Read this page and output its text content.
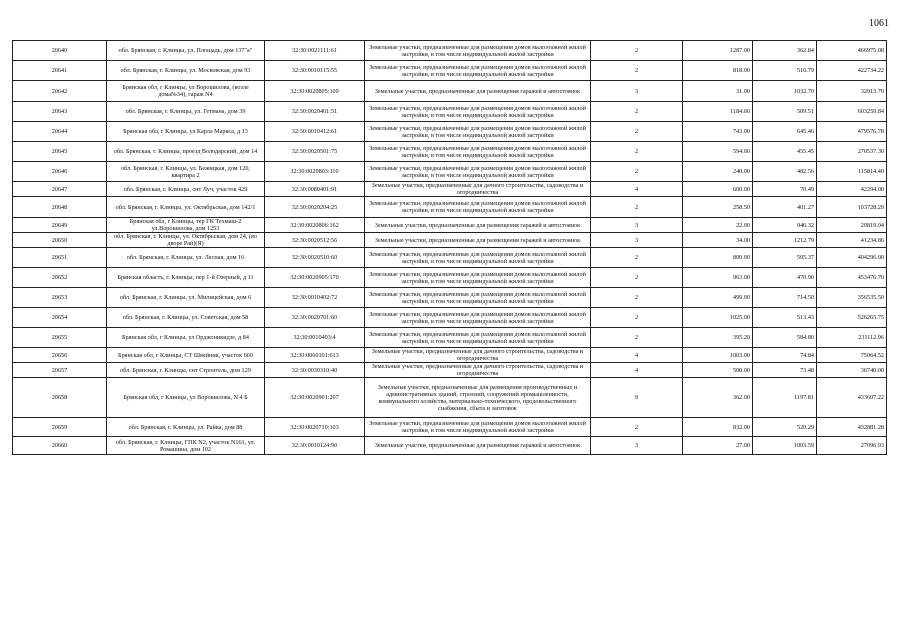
1061
20640	обл. Брянская, г. Клинцы, ул. Площадь, дом 137"а"	32:30:0021111:61	Земельные участки, предназначенные для размещения домов малоэтажной жилой застройки, в том числе индивидуальной жилой застройки	2	1287.00	362.84	466975.08
20641	обл. Брянская, г. Клинцы, ул. Московская, дом 93	32:30:0010115:55	Земельные участки, предназначенные для размещения домов малоэтажной жилой застройки, в том числе индивидуальной жилой застройки	2	818.00	516.79	422734.22
20642	Брянская обл, г Клинцы, ул Ворошилова, (возле дома№34), гараж N4	32:30:0020805:109	Земельные участки, предназначенные для размещения гаражей и автостоянок	3	31.00	1032.70	32013.70
20643	обл. Брянская, г. Клинцы, ул. Гетмана, дом 39	32:30:0020401:51	Земельные участки, предназначенные для размещения домов малоэтажной жилой застройки, в том числе индивидуальной жилой застройки	2	1184.00	509.51	603259.84
20644	Брянская обл, г Клинцы, ул Карла Маркса, д 13	32:30:0010412:61	Земельные участки, предназначенные для размещения домов малоэтажной жилой застройки, в том числе индивидуальной жилой застройки	2	743.00	645.46	479576.78
20645	обл. Брянская, г. Клинцы, проезд Володарский, дом 14	32:30:0020501:75	Земельные участки, предназначенные для размещения домов малоэтажной жилой застройки, в том числе индивидуальной жилой застройки	2	594.00	455.45	270537.30
20646	обл. Брянская, г. Клинцы, ул. Бежицкая, дом 120, квартира 2	32:30:0020803:110	Земельные участки, предназначенные для размещения домов малоэтажной жилой застройки, в том числе индивидуальной жилой застройки	2	240.00	482.56	115814.40
20647	обл. Брянская, г. Клинцы, снт Луч, участок 429	32:30:0080401:91	Земельные участки, предназначенные для дачного строительства, садоводства и огородничества	4	600.00	70.49	42294.00
20648	обл. Брянская, г. Клинцы, ул. Октябрьская, дом 142/1	32:30:0020204:25	Земельные участки, предназначенные для размещения домов малоэтажной жилой застройки, в том числе индивидуальной жилой застройки	2	258.50	401.27	103728.29
20649	Брянская обл, г Клинцы, тер ГК Техмаш-2 ул.Ворошилова, дом 1253	32:30:0020806:162	Земельные участки, предназначенные для размещения гаражей и автостоянок	3	22.00	946.32	20819.04
20650	обл. Брянская, г. Клинцы, ул. Октябрьская, дом 24, (во дворе Рай)(Я)	32:30:0020512:56	Земельные участки, предназначенные для размещения гаражей и автостоянок	3	34.00	1212.79	41234.86
20651	обл. Брянская, г. Клинцы, ул. Лесная, дом 16	32:30:0020510:60	Земельные участки, предназначенные для размещения домов малоэтажной жилой застройки, в том числе индивидуальной жилой застройки	2	800.00	505.37	404296.00
20652	Брянская область, г. Клинцы, пер 1-й Озерный, д 11	32:30:0020905:170	Земельные участки, предназначенные для размещения домов малоэтажной жилой застройки, в том числе индивидуальной жилой застройки	2	963.00	470.90	453476.70
20653	обл. Брянская, г. Клинцы, ул. Милицейская, дом 6	32:30:0010402:72	Земельные участки, предназначенные для размещения домов малоэтажной жилой застройки, в том числе индивидуальной жилой застройки	2	499.00	714.50	356535.50
20654	обл. Брянская, г. Клинцы, ул. Советская, дом 58	32:30:0020701:60	Земельные участки, предназначенные для размещения домов малоэтажной жилой застройки, в том числе индивидуальной жилой застройки	2	1025.00	513.43	526265.75
20655	Брянская обл, г Клинцы, ул Орджоникидзе, д 84	32:30:0010403:4	Земельные участки, предназначенные для размещения домов малоэтажной жилой застройки, в том числе индивидуальной жилой застройки	2	395.20	584.80	231112.96
20656	Брянская обл, г Клинцы, СТ Швейник, участок 660	32:30:0060101:613	Земельные участки, предназначенные для дачного строительства, садоводства и огородничества	4	1003.00	74.84	75064.52
20657	обл. Брянская, г. Клинцы, снт Строитель, дом 129	32:30:0030310:40	Земельные участки, предназначенные для дачного строительства, садоводства и огородничества	4	500.00	73.48	36740.00
20658	Брянская обл, г Клинцы, ул Ворошилова, N 4 Б	32:30:0020901:207	Земельные участки, предназначенные для размещения производственных и административных зданий, строений, сооружений промышленности, коммунального хозяйства, материально-технического, продовольственного снабжения, сбыта и заготовок	9	362.00	1197.81	433607.22
20659	обл. Брянская, г. Клинцы, ул. Райка, дом 88	32:30:0020710:103	Земельные участки, предназначенные для размещения домов малоэтажной жилой застройки, в том числе индивидуальной жилой застройки	2	832.00	520.29	432881.28
20660	обл. Брянская, г. Клинцы, ГПК N2, участок N161, ул. Ромашина, дом 102	32:30:0010124:90	Земельные участки, предназначенные для размещения гаражей и автостоянок	3	27.00	1003.59	27096.93
